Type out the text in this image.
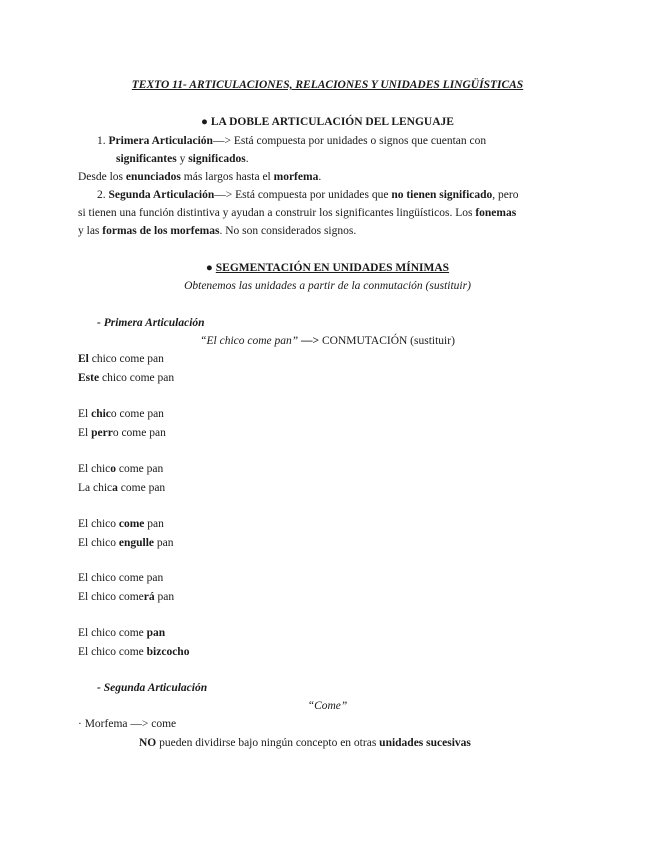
TEXTO 11- ARTICULACIONES, RELACIONES Y UNIDADES LINGÜÍSTICAS
● LA DOBLE ARTICULACIÓN DEL LENGUAJE
1. Primera Articulación—> Está compuesta por unidades o signos que cuentan con
significantes y significados.
Desde los enunciados más largos hasta el morfema.
2. Segunda Articulación—> Está compuesta por unidades que no tienen significado, pero
si tienen una función distintiva y ayudan a construir los significantes lingüísticos. Los fonemas
y las formas de los morfemas. No son considerados signos.
● SEGMENTACIÓN EN UNIDADES MÍNIMAS
Obtenemos las unidades a partir de la conmutación (sustituir)
- Primera Articulación
“El chico come pan” —> CONMUTACIÓN (sustituir)
El chico come pan
Este chico come pan
El chico come pan
El perro come pan
El chico come pan
La chica come pan
El chico come pan
El chico engulle pan
El chico come pan
El chico comerá pan
El chico come pan
El chico come bizcocho
- Segunda Articulación
“Come”
· Morfema —> come
NO pueden dividirse bajo ningún concepto en otras unidades sucesivas
